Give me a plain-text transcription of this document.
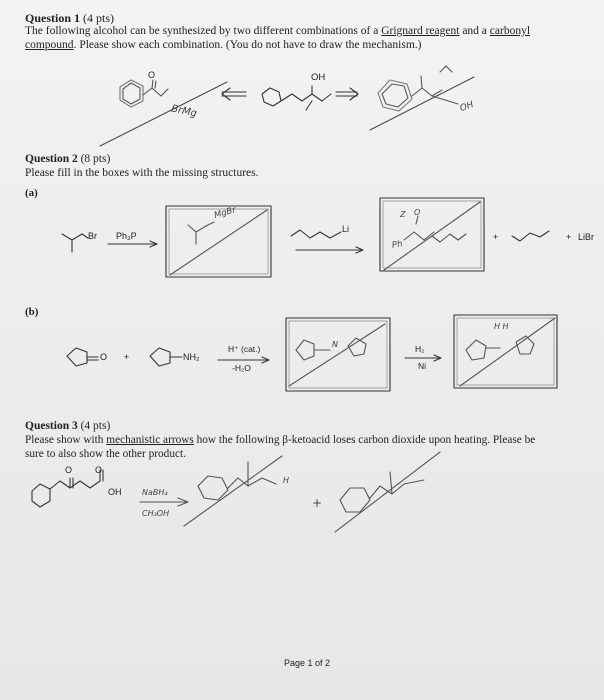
Question 1 (4 pts)
The following alcohol can be synthesized by two different combinations of a Grignard reagent and a carbonyl
compound. Please show each combination. (You do not have to draw the mechanism.)
OH
O
BrMg	OH
Question 2 (8 pts)
Please fill in the boxes with the missing structures.
(a)
(b)
Br Ph₃P
Li
+	+ LiBr
MgBr
Ph
O
O +	NH₂
H⁺ (cat.)
-H₂O
H₂
Ni
N
Z
H H
Question 3 (4 pts)
Please show with mechanistic arrows how the following β-ketoacid loses carbon dioxide upon heating. Please be
sure to also show the other product.
O	O
OH	NaBH₄
CH₃OH
+
H
Page 1 of 2
